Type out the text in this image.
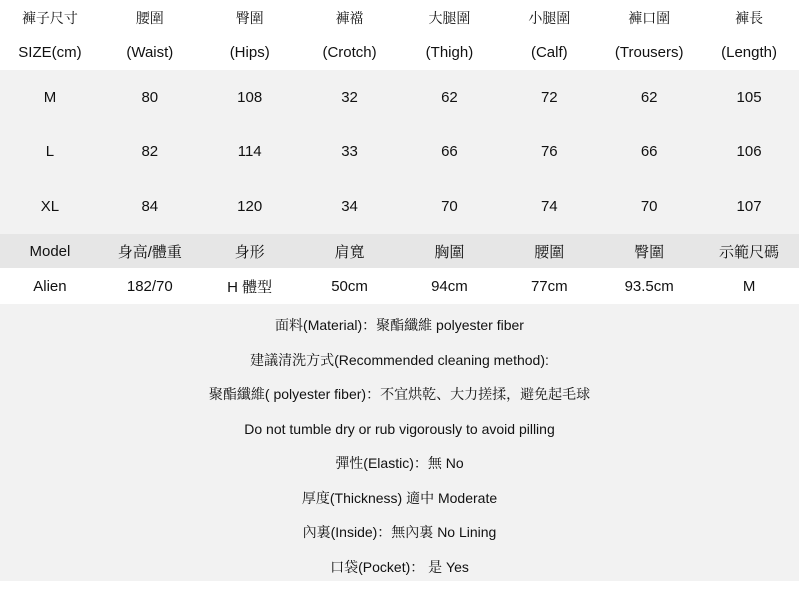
褲子尺寸	腰圍	臀圍	褲襠	大腿圍	小腿圍	褲口圍	褲長
SIZE(cm)	(Waist)	(Hips)	(Crotch)	(Thigh)	(Calf)	(Trousers)	(Length)
M	80	108	32	62	72	62	105
L	82	114	33	66	76	66	106
XL	84	120	34	70	74	70	107
Model	身高/體重	身形	肩寬	胸圍	腰圍	臀圍	示範尺碼
Alien	182/70	H 體型	50cm	94cm	77cm	93.5cm	M
面料(Material)：聚酯纖維 polyester fiber
建議清洗方式(Recommended cleaning method):
聚酯纖維( polyester fiber)：不宜烘乾、大力搓揉，避免起毛球
Do not tumble dry or rub vigorously to avoid pilling
彈性(Elastic)：無 No
厚度(Thickness) 適中 Moderate
內裏(Inside)：無內裏 No Lining
口袋(Pocket)： 是 Yes
